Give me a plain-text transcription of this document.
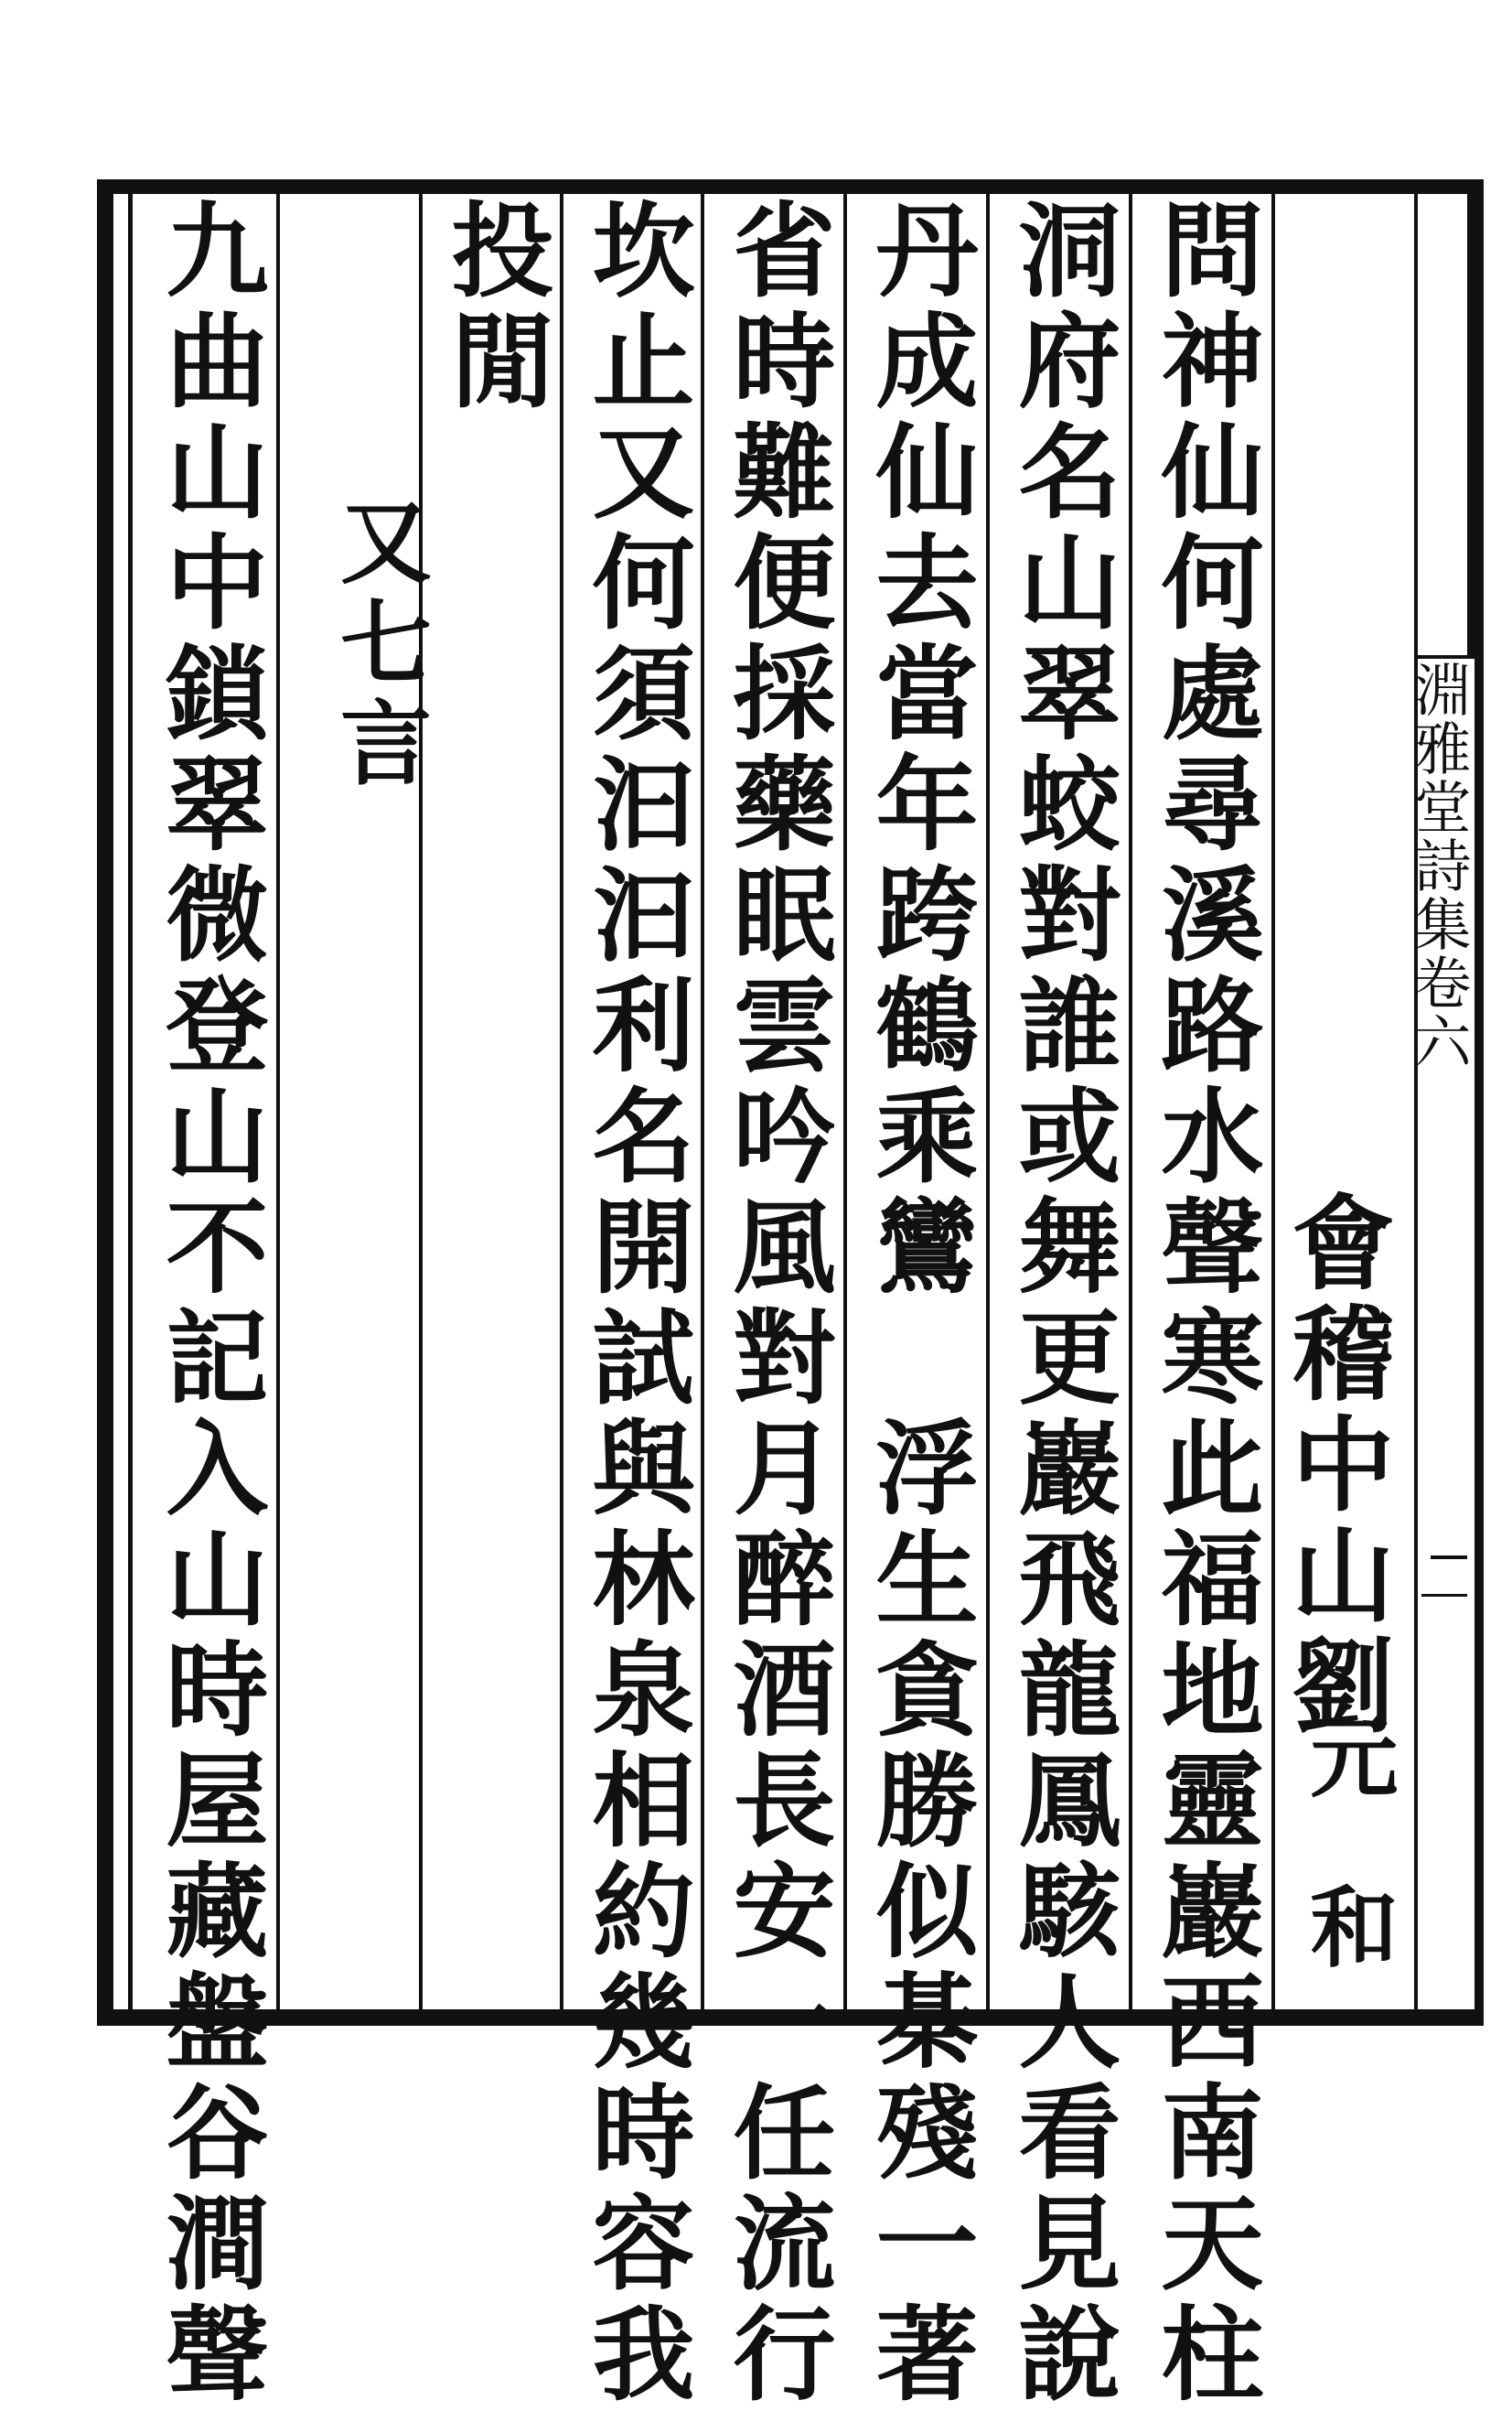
淵雅堂詩集卷六
會稽中山劉
元和
問神仙何處尋溪路水聲寒此福地靈巖西南天柱
洞府名山翠蛟對誰或舞更巖飛龍鳳駭人看見說
丹成仙去當年跨鶴乘鸞　浮生貪勝似棊殘一著
省時難便採藥眠雲吟風對月醉酒長安一任流行
坎止又何須汩汩利名開試與林泉相約幾時容我
投閒
又七言
九曲山中鎖翠微登山不記入山時屋藏盤谷澗聲
